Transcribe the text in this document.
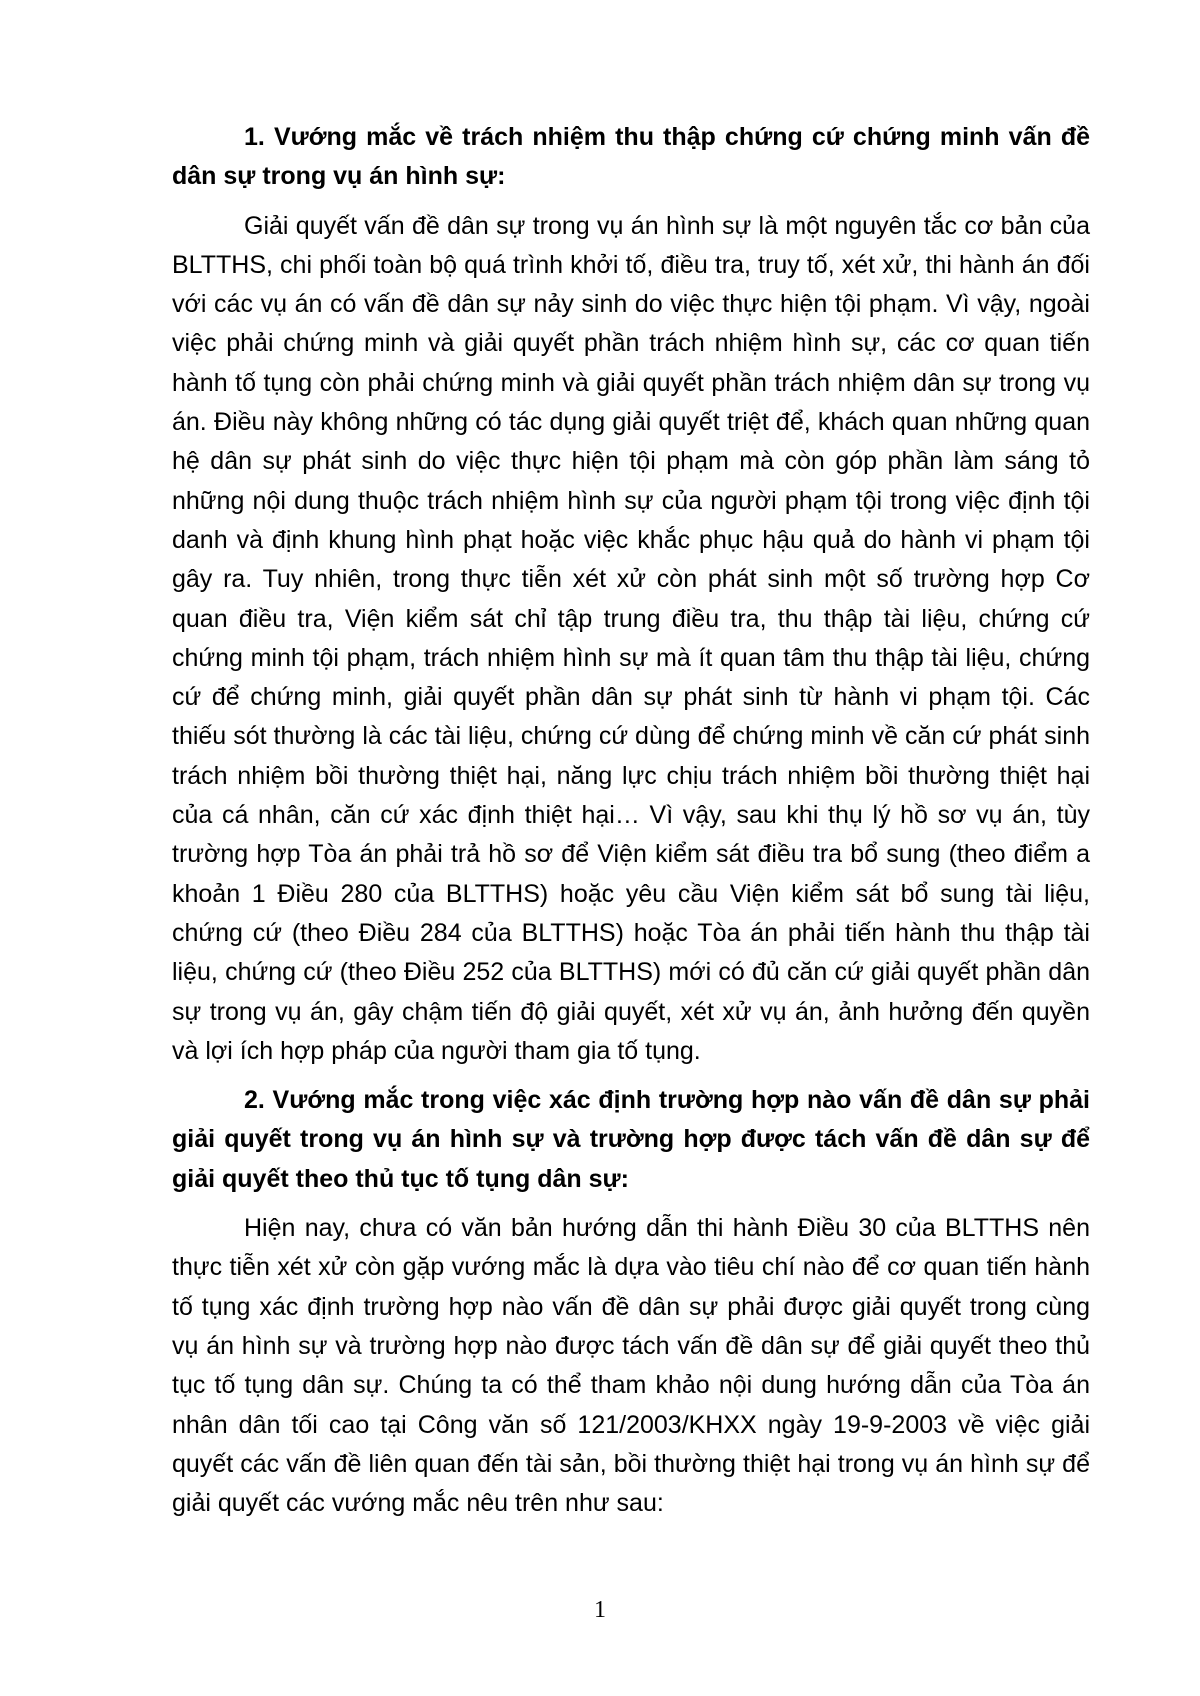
1. Vướng mắc về trách nhiệm thu thập chứng cứ chứng minh vấn đề dân sự trong vụ án hình sự:

Giải quyết vấn đề dân sự trong vụ án hình sự là một nguyên tắc cơ bản của BLTTHS, chi phối toàn bộ quá trình khởi tố, điều tra, truy tố, xét xử, thi hành án đối với các vụ án có vấn đề dân sự nảy sinh do việc thực hiện tội phạm. Vì vậy, ngoài việc phải chứng minh và giải quyết phần trách nhiệm hình sự, các cơ quan tiến hành tố tụng còn phải chứng minh và giải quyết phần trách nhiệm dân sự trong vụ án. Điều này không những có tác dụng giải quyết triệt để, khách quan những quan hệ dân sự phát sinh do việc thực hiện tội phạm mà còn góp phần làm sáng tỏ những nội dung thuộc trách nhiệm hình sự của người phạm tội trong việc định tội danh và định khung hình phạt hoặc việc khắc phục hậu quả do hành vi phạm tội gây ra. Tuy nhiên, trong thực tiễn xét xử còn phát sinh một số trường hợp Cơ quan điều tra, Viện kiểm sát chỉ tập trung điều tra, thu thập tài liệu, chứng cứ chứng minh tội phạm, trách nhiệm hình sự mà ít quan tâm thu thập tài liệu, chứng cứ để chứng minh, giải quyết phần dân sự phát sinh từ hành vi phạm tội. Các thiếu sót thường là các tài liệu, chứng cứ dùng để chứng minh về căn cứ phát sinh trách nhiệm bồi thường thiệt hại, năng lực chịu trách nhiệm bồi thường thiệt hại của cá nhân, căn cứ xác định thiệt hại… Vì vậy, sau khi thụ lý hồ sơ vụ án, tùy trường hợp Tòa án phải trả hồ sơ để Viện kiểm sát điều tra bổ sung (theo điểm a khoản 1 Điều 280 của BLTTHS) hoặc yêu cầu Viện kiểm sát bổ sung tài liệu, chứng cứ (theo Điều 284 của BLTTHS) hoặc Tòa án phải tiến hành thu thập tài liệu, chứng cứ (theo Điều 252 của BLTTHS) mới có đủ căn cứ giải quyết phần dân sự trong vụ án, gây chậm tiến độ giải quyết, xét xử vụ án, ảnh hưởng đến quyền và lợi ích hợp pháp của người tham gia tố tụng.

2. Vướng mắc trong việc xác định trường hợp nào vấn đề dân sự phải giải quyết trong vụ án hình sự và trường hợp được tách vấn đề dân sự để giải quyết theo thủ tục tố tụng dân sự:

Hiện nay, chưa có văn bản hướng dẫn thi hành Điều 30 của BLTTHS nên thực tiễn xét xử còn gặp vướng mắc là dựa vào tiêu chí nào để cơ quan tiến hành tố tụng xác định trường hợp nào vấn đề dân sự phải được giải quyết trong cùng vụ án hình sự và trường hợp nào được tách vấn đề dân sự để giải quyết theo thủ tục tố tụng dân sự. Chúng ta có thể tham khảo nội dung hướng dẫn của Tòa án nhân dân tối cao tại Công văn số 121/2003/KHXX ngày 19-9-2003 về việc giải quyết các vấn đề liên quan đến tài sản, bồi thường thiệt hại trong vụ án hình sự để giải quyết các vướng mắc nêu trên như sau:

1
